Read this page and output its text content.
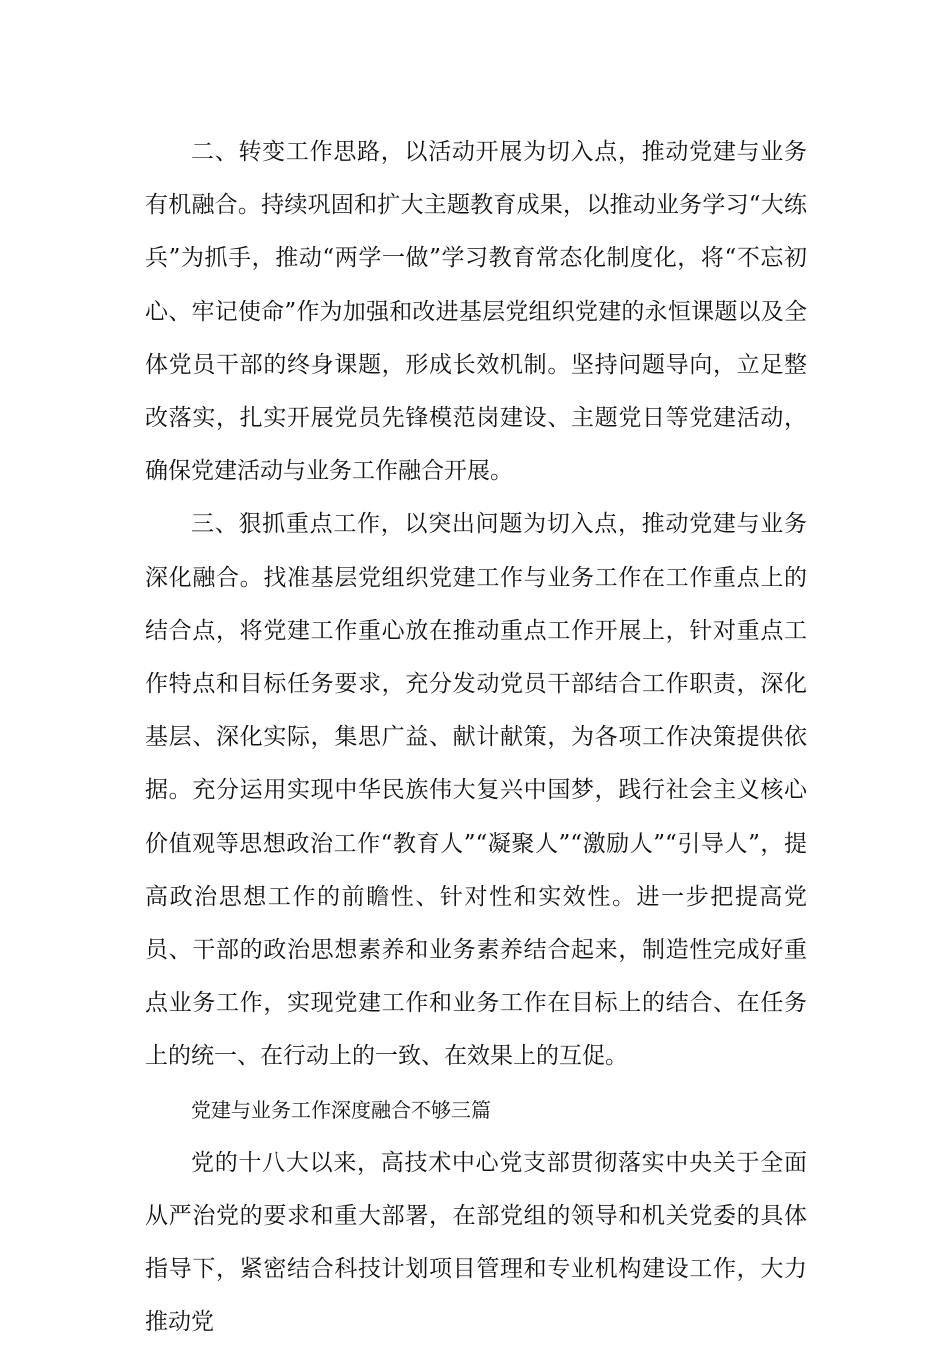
二、转变工作思路，以活动开展为切入点，推动党建与业务有机融合。持续巩固和扩大主题教育成果，以推动业务学习“大练兵”为抓手，推动“两学一做”学习教育常态化制度化，将“不忘初心、牢记使命”作为加强和改进基层党组织党建的永恒课题以及全体党员干部的终身课题，形成长效机制。坚持问题导向，立足整改落实，扎实开展党员先锋模范岗建设、主题党日等党建活动，确保党建活动与业务工作融合开展。

三、狠抓重点工作，以突出问题为切入点，推动党建与业务深化融合。找准基层党组织党建工作与业务工作在工作重点上的结合点，将党建工作重心放在推动重点工作开展上，针对重点工作特点和目标任务要求，充分发动党员干部结合工作职责，深化基层、深化实际，集思广益、献计献策，为各项工作决策提供依据。充分运用实现中华民族伟大复兴中国梦，践行社会主义核心价值观等思想政治工作“教育人”“凝聚人”“激励人”“引导人”，提高政治思想工作的前瞻性、针对性和实效性。进一步把提高党员、干部的政治思想素养和业务素养结合起来，制造性完成好重点业务工作，实现党建工作和业务工作在目标上的结合、在任务上的统一、在行动上的一致、在效果上的互促。

党建与业务工作深度融合不够三篇

党的十八大以来，高技术中心党支部贯彻落实中央关于全面从严治党的要求和重大部署，在部党组的领导和机关党委的具体指导下，紧密结合科技计划项目管理和专业机构建设工作，大力推动党
